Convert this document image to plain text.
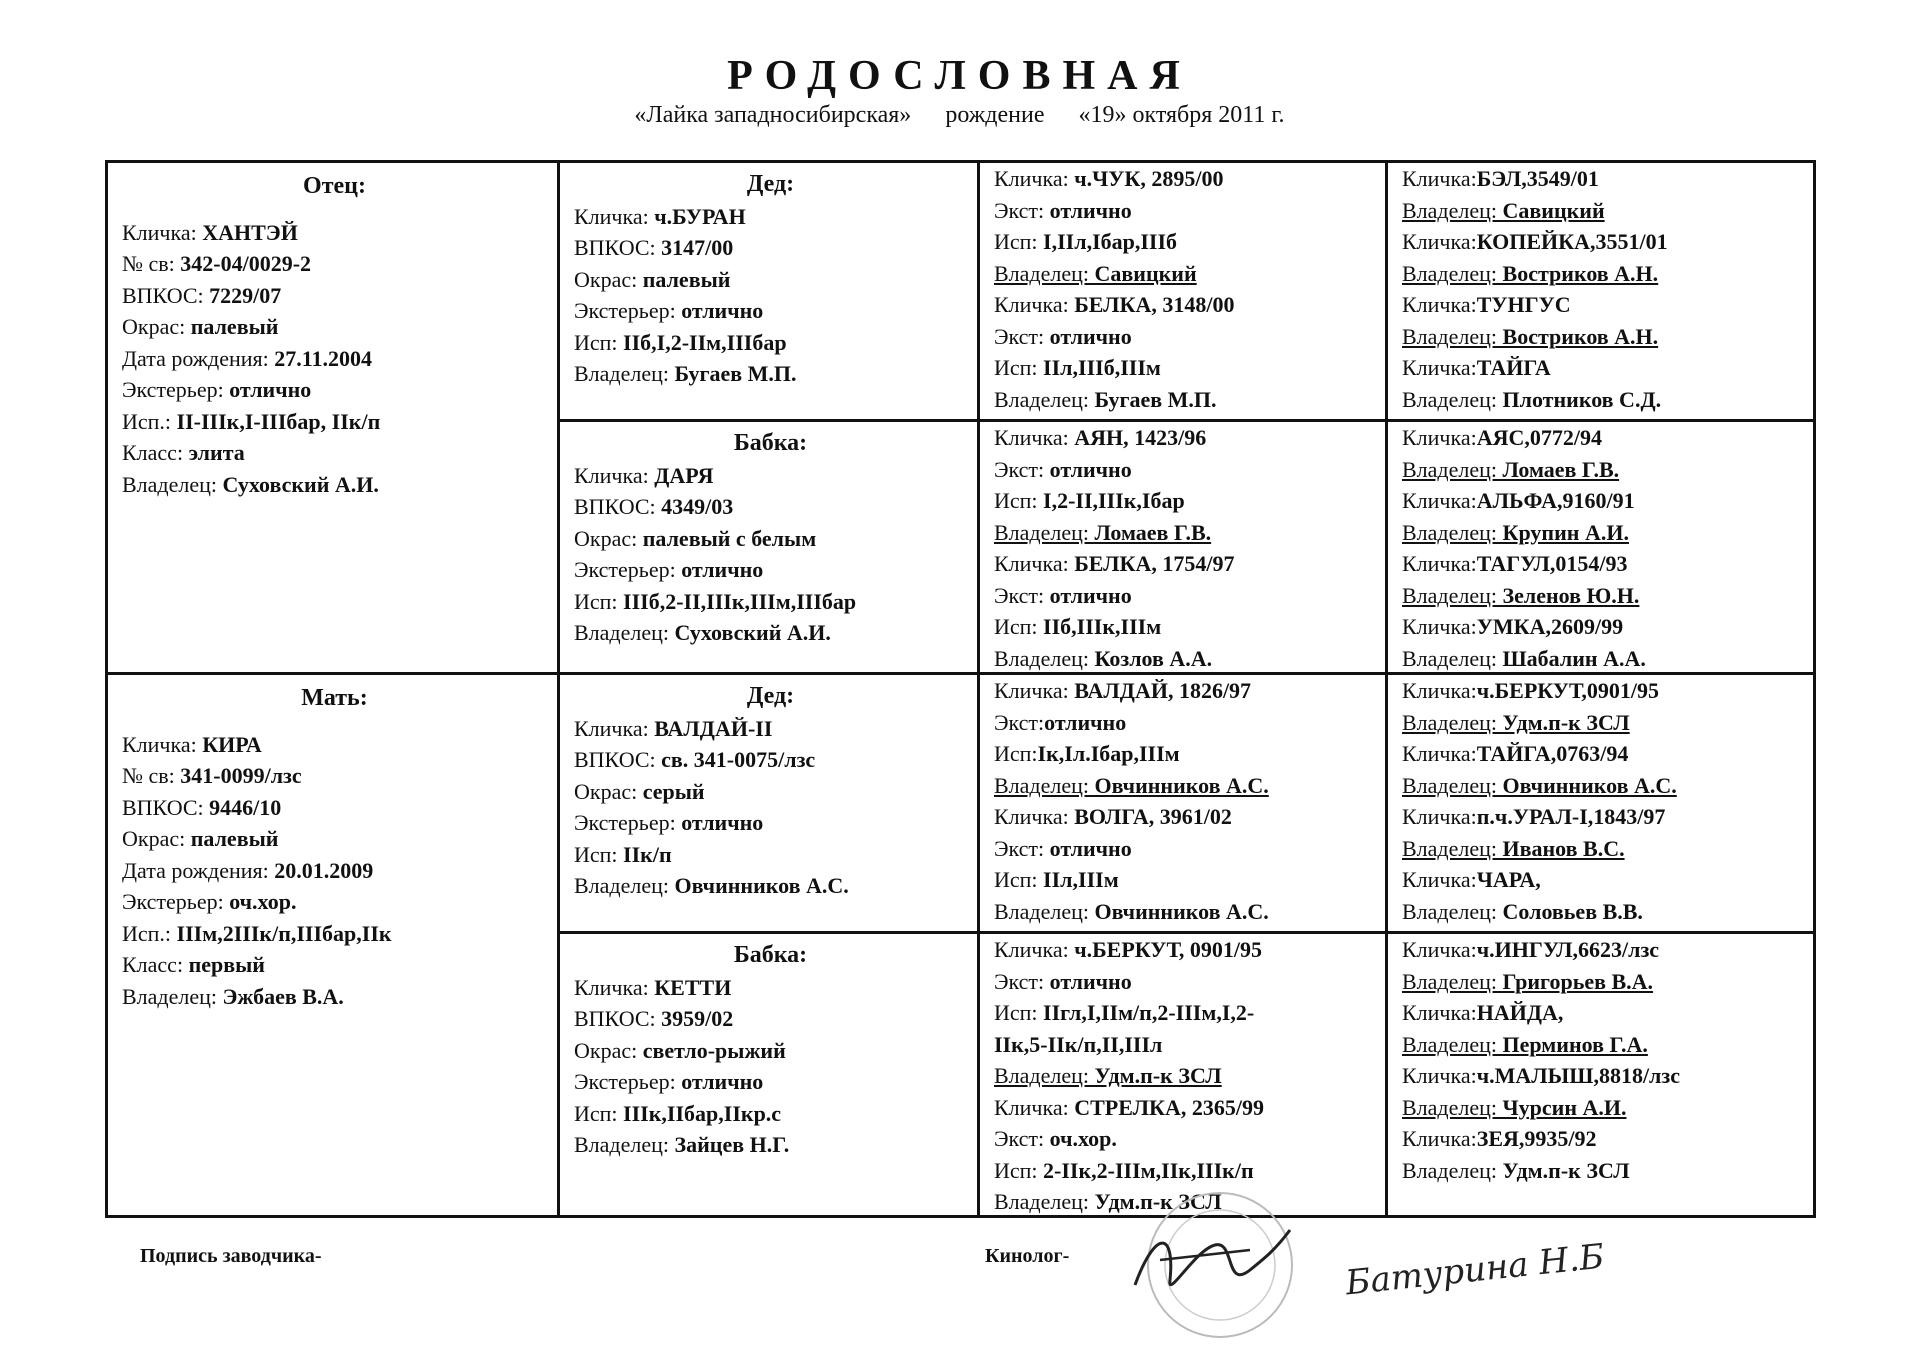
РОДОСЛОВНАЯ
«Лайка западносибирская» рождение «19» октября 2011 г.
Отец:
Кличка: ХАНТЭЙ
№ св: 342-04/0029-2
ВПКОС: 7229/07
Окрас: палевый
Дата рождения: 27.11.2004
Экстерьер: отлично
Исп.: II-IIIк,I-IIIбар, IIк/п
Класс: элита
Владелец: Суховский А.И.
Мать:
Кличка: КИРА
№ св: 341-0099/лзс
ВПКОС: 9446/10
Окрас: палевый
Дата рождения: 20.01.2009
Экстерьер: оч.хор.
Исп.: IIIм,2IIIк/п,IIIбар,IIк
Класс: первый
Владелец: Эжбаев В.А.
Дед:
Кличка: ч.БУРАН
ВПКОС: 3147/00
Окрас: палевый
Экстерьер: отлично
Исп: IIб,I,2-IIм,IIIбар
Владелец: Бугаев М.П.
Бабка:
Кличка: ДАРЯ
ВПКОС: 4349/03
Окрас: палевый с белым
Экстерьер: отлично
Исп: IIIб,2-II,IIIк,IIIм,IIIбар
Владелец: Суховский А.И.
Дед:
Кличка: ВАЛДАЙ-II
ВПКОС: св. 341-0075/лзс
Окрас: серый
Экстерьер: отлично
Исп: IIк/п
Владелец: Овчинников А.С.
Бабка:
Кличка: КЕТТИ
ВПКОС: 3959/02
Окрас: светло-рыжий
Экстерьер: отлично
Исп: IIIк,IIбар,IIкр.с
Владелец: Зайцев Н.Г.
Кличка: ч.ЧУК, 2895/00
Экст: отлично
Исп: I,IIл,Iбар,IIIб
Владелец: Савицкий
Кличка: БЕЛКА, 3148/00
Экст: отлично
Исп: IIл,IIIб,IIIм
Владелец: Бугаев М.П.
Кличка: АЯН, 1423/96
Экст: отлично
Исп: I,2-II,IIIк,Iбар
Владелец: Ломаев Г.В.
Кличка: БЕЛКА, 1754/97
Экст: отлично
Исп: IIб,IIIк,IIIм
Владелец: Козлов А.А.
Кличка: ВАЛДАЙ, 1826/97
Экст:отлично
Исп:Iк,Iл.Iбар,IIIм
Владелец: Овчинников А.С.
Кличка: ВОЛГА, 3961/02
Экст: отлично
Исп: IIл,IIIм
Владелец: Овчинников А.С.
Кличка: ч.БЕРКУТ, 0901/95
Экст: отлично
Исп: IIгл,I,IIм/п,2-IIIм,I,2-
IIк,5-IIк/п,II,IIIл
Владелец: Удм.п-к ЗСЛ
Кличка: СТРЕЛКА, 2365/99
Экст: оч.хор.
Исп: 2-IIк,2-IIIм,IIк,IIIк/п
Владелец: Удм.п-к ЗСЛ
Кличка:БЭЛ,3549/01
Владелец: Савицкий
Кличка:КОПЕЙКА,3551/01
Владелец: Востриков А.Н.
Кличка:ТУНГУС
Владелец: Востриков А.Н.
Кличка:ТАЙГА
Владелец: Плотников С.Д.
Кличка:АЯС,0772/94
Владелец: Ломаев Г.В.
Кличка:АЛЬФА,9160/91
Владелец: Крупин А.И.
Кличка:ТАГУЛ,0154/93
Владелец: Зеленов Ю.Н.
Кличка:УМКА,2609/99
Владелец: Шабалин А.А.
Кличка:ч.БЕРКУТ,0901/95
Владелец: Удм.п-к ЗСЛ
Кличка:ТАЙГА,0763/94
Владелец: Овчинников А.С.
Кличка:п.ч.УРАЛ-I,1843/97
Владелец: Иванов В.С.
Кличка:ЧАРА,
Владелец: Соловьев В.В.
Кличка:ч.ИНГУЛ,6623/лзс
Владелец: Григорьев В.А.
Кличка:НАЙДА,
Владелец: Перминов Г.А.
Кличка:ч.МАЛЫШ,8818/лзс
Владелец: Чурсин А.И.
Кличка:ЗЕЯ,9935/92
Владелец: Удм.п-к ЗСЛ
Подпись заводчика-	Кинолог-	Батурина Н.Б
